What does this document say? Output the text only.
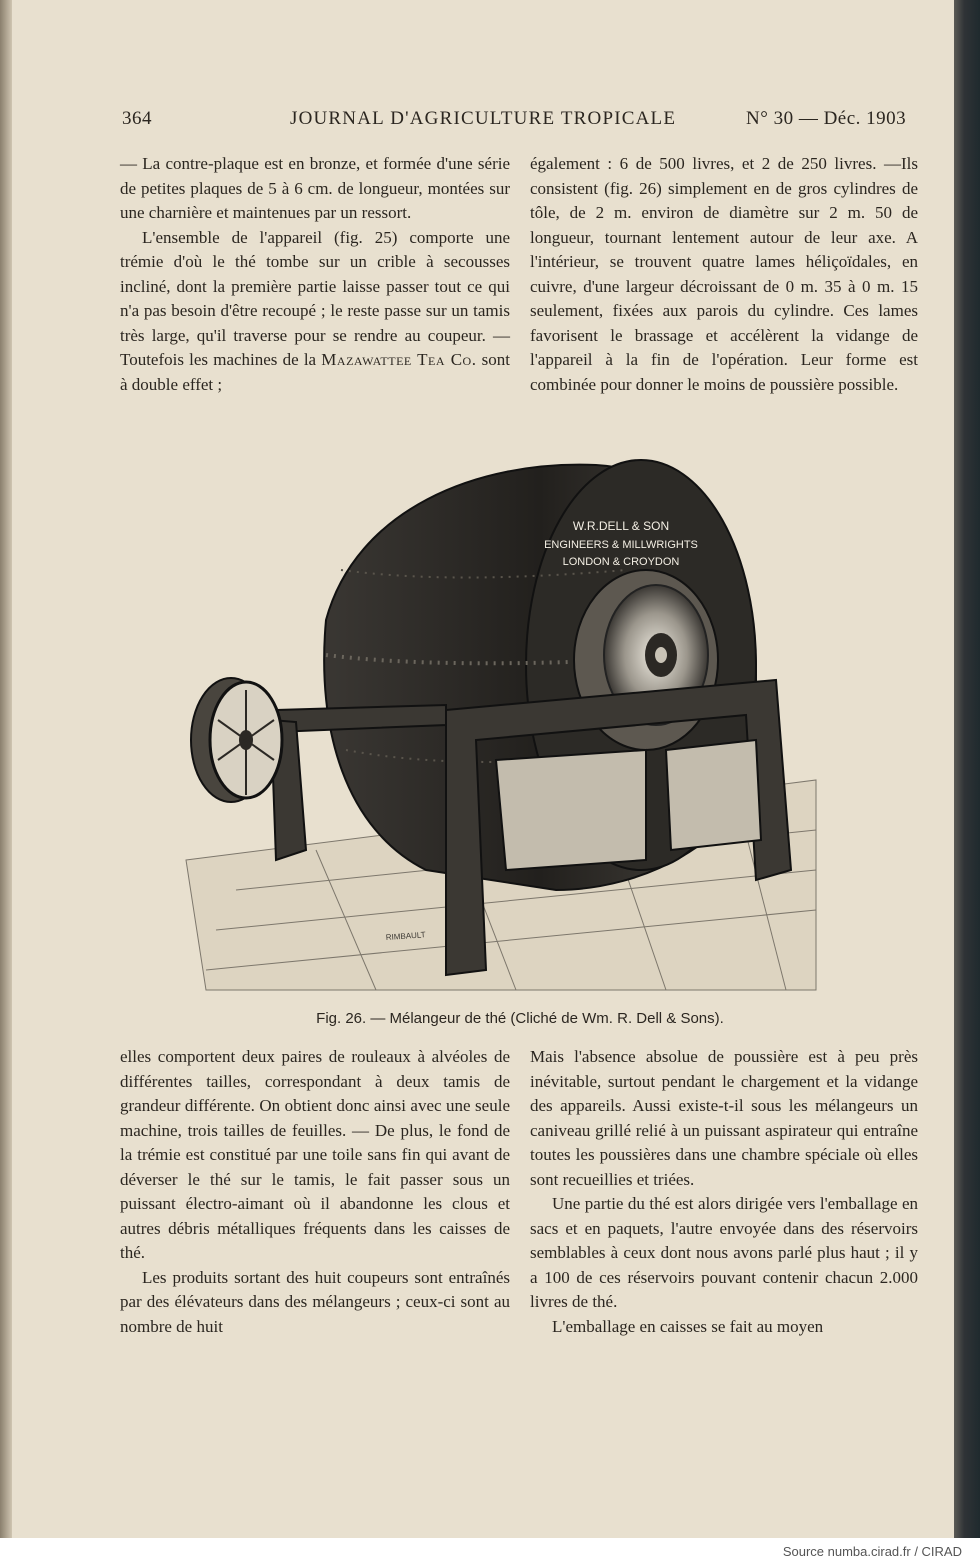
364	JOURNAL D'AGRICULTURE TROPICALE	N° 30 — Déc. 1903

— La contre-plaque est en bronze, et formée d'une série de petites plaques de 5 à 6 cm. de longueur, montées sur une charnière et maintenues par un ressort.

L'ensemble de l'appareil (fig. 25) comporte une trémie d'où le thé tombe sur un crible à secousses incliné, dont la première partie laisse passer tout ce qui n'a pas besoin d'être recoupé ; le reste passe sur un tamis très large, qu'il traverse pour se rendre au coupeur. — Toutefois les machines de la Mazawattee Tea Co. sont à double effet ;

également : 6 de 500 livres, et 2 de 250 livres. —Ils consistent (fig. 26) simplement en de gros cylindres de tôle, de 2 m. environ de diamètre sur 2 m. 50 de longueur, tournant lentement autour de leur axe. A l'intérieur, se trouvent quatre lames héliçoïdales, en cuivre, d'une largeur décroissant de 0 m. 35 à 0 m. 15 seulement, fixées aux parois du cylindre. Ces lames favorisent le brassage et accélèrent la vidange de l'appareil à la fin de l'opération. Leur forme est combinée pour donner le moins de poussière possible.

W.R.DELL & SON
ENGINEERS & MILLWRIGHTS
LONDON & CROYDON
RIMBAULT
Fig. 26. — Mélangeur de thé (Cliché de Wm. R. Dell & Sons).

elles comportent deux paires de rouleaux à alvéoles de différentes tailles, correspondant à deux tamis de grandeur différente. On obtient donc ainsi avec une seule machine, trois tailles de feuilles. — De plus, le fond de la trémie est constitué par une toile sans fin qui avant de déverser le thé sur le tamis, le fait passer sous un puissant électro-aimant où il abandonne les clous et autres débris métalliques fréquents dans les caisses de thé.

Les produits sortant des huit coupeurs sont entraînés par des élévateurs dans des mélangeurs ; ceux-ci sont au nombre de huit

Mais l'absence absolue de poussière est à peu près inévitable, surtout pendant le chargement et la vidange des appareils. Aussi existe-t-il sous les mélangeurs un caniveau grillé relié à un puissant aspirateur qui entraîne toutes les poussières dans une chambre spéciale où elles sont recueillies et triées.

Une partie du thé est alors dirigée vers l'emballage en sacs et en paquets, l'autre envoyée dans des réservoirs semblables à ceux dont nous avons parlé plus haut ; il y a 100 de ces réservoirs pouvant contenir chacun 2.000 livres de thé.

L'emballage en caisses se fait au moyen

Source numba.cirad.fr / CIRAD
